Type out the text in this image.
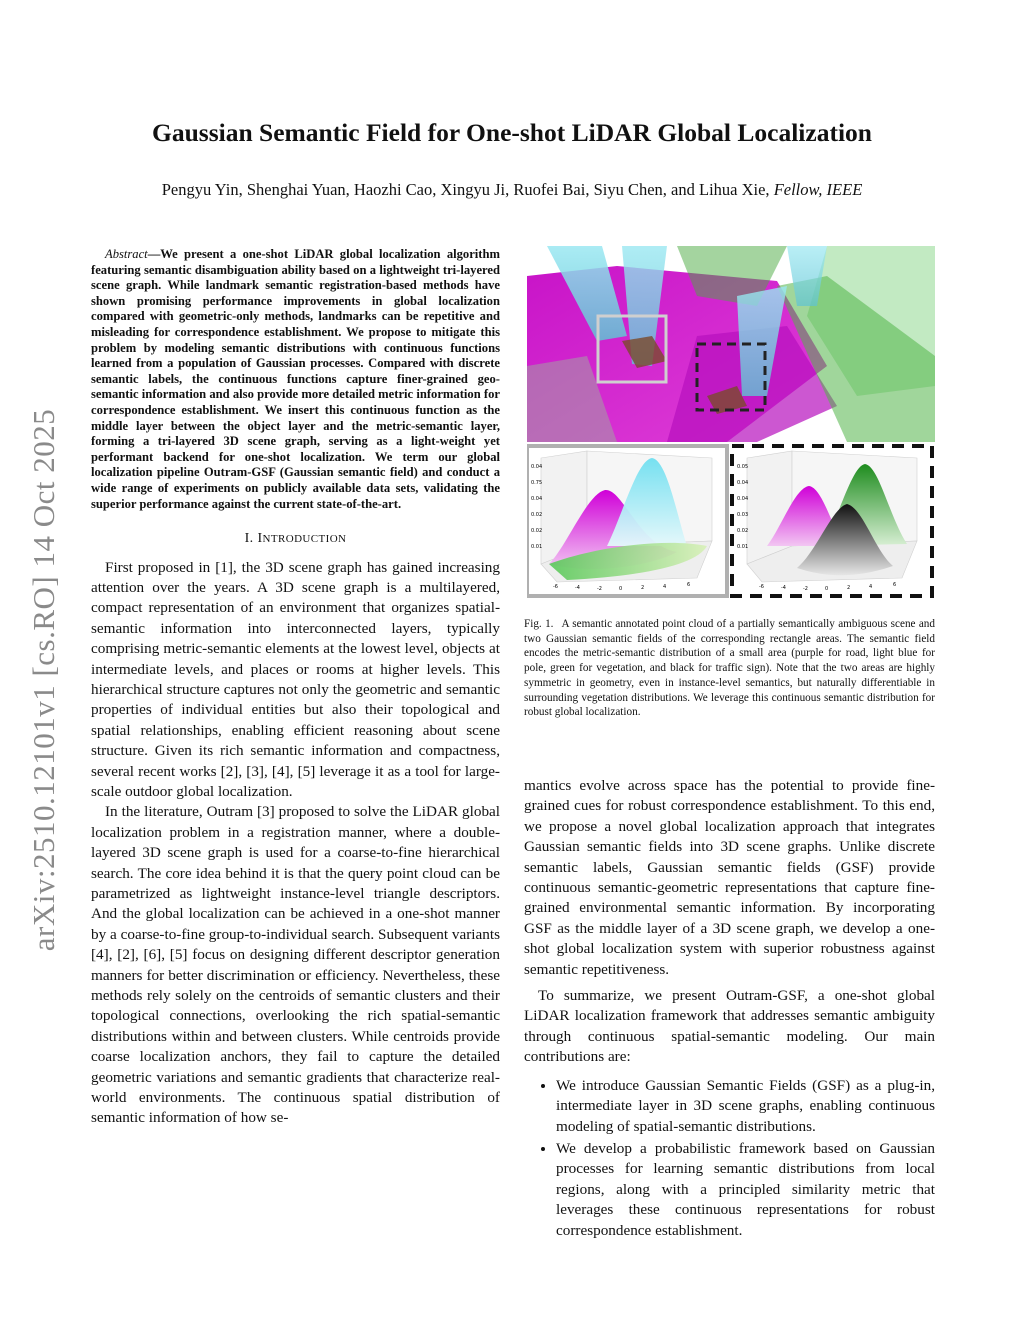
arXiv:2510.12101v1 [cs.RO] 14 Oct 2025
Gaussian Semantic Field for One-shot LiDAR Global Localization
Pengyu Yin, Shenghai Yuan, Haozhi Cao, Xingyu Ji, Ruofei Bai, Siyu Chen, and Lihua Xie, Fellow, IEEE

Abstract—We present a one-shot LiDAR global localization algorithm featuring semantic disambiguation ability based on a lightweight tri-layered scene graph. While landmark semantic registration-based methods have shown promising performance improvements in global localization compared with geometric-only methods, landmarks can be repetitive and misleading for correspondence establishment. We propose to mitigate this problem by modeling semantic distributions with continuous functions learned from a population of Gaussian processes. Compared with discrete semantic labels, the continuous functions capture finer-grained geo-semantic information and also provide more detailed metric information for correspondence establishment. We insert this continuous function as the middle layer between the object layer and the metric-semantic layer, forming a tri-layered 3D scene graph, serving as a light-weight yet performant backend for one-shot localization. We term our global localization pipeline Outram-GSF (Gaussian semantic field) and conduct a wide range of experiments on publicly available data sets, validating the superior performance against the current state-of-the-art.

I. INTRODUCTION

First proposed in [1], the 3D scene graph has gained increasing attention over the years. A 3D scene graph is a multilayered, compact representation of an environment that organizes spatial-semantic information into interconnected layers, typically comprising metric-semantic elements at the lowest level, objects at intermediate levels, and places or rooms at higher levels. This hierarchical structure captures not only the geometric and semantic properties of individual entities but also their topological and spatial relationships, enabling efficient reasoning about scene structure. Given its rich semantic information and compactness, several recent works [2], [3], [4], [5] leverage it as a tool for large-scale outdoor global localization.

In the literature, Outram [3] proposed to solve the LiDAR global localization problem in a registration manner, where a double-layered 3D scene graph is used for a coarse-to-fine hierarchical search. The core idea behind it is that the query point cloud can be parametrized as lightweight instance-level triangle descriptors. And the global localization can be achieved in a one-shot manner by a coarse-to-fine group-to-individual search. Subsequent variants [4], [2], [6], [5] focus on designing different descriptor generation manners for better discrimination or efficiency. Nevertheless, these methods rely solely on the centroids of semantic clusters and their topological connections, overlooking the rich spatial-semantic distributions within and between clusters. While centroids provide coarse localization anchors, they fail to capture the detailed geometric variations and semantic gradients that characterize real-world environments. The continuous spatial distribution of semantic information of how se-

0.04
0.75
0.04
0.02
0.02
0.01
-6	-4	-2	0	2	4	6
0.05
0.04
0.04
0.03
0.02
0.01
-6	-4	-2	0	2	4	6
Fig. 1. A semantic annotated point cloud of a partially semantically ambiguous scene and two Gaussian semantic fields of the corresponding rectangle areas. The semantic field encodes the metric-semantic distribution of a small area (purple for road, light blue for pole, green for vegetation, and black for traffic sign). Note that the two areas are highly symmetric in geometry, even in instance-level semantics, but naturally differentiable in surrounding vegetation distributions. We leverage this continuous semantic distribution for robust global localization.

mantics evolve across space has the potential to provide fine-grained cues for robust correspondence establishment. To this end, we propose a novel global localization approach that integrates Gaussian semantic fields into 3D scene graphs. Unlike discrete semantic labels, Gaussian semantic fields (GSF) provide continuous semantic-geometric representations that capture fine-grained environmental semantic information. By incorporating GSF as the middle layer of a 3D scene graph, we develop a one-shot global localization system with superior robustness against semantic repetitiveness.

To summarize, we present Outram-GSF, a one-shot global LiDAR localization framework that addresses semantic ambiguity through continuous spatial-semantic modeling. Our main contributions are:

• We introduce Gaussian Semantic Fields (GSF) as a plug-in, intermediate layer in 3D scene graphs, enabling continuous modeling of spatial-semantic distributions.
• We develop a probabilistic framework based on Gaussian processes for learning semantic distributions from local regions, along with a principled similarity metric that leverages these continuous representations for robust correspondence establishment.
